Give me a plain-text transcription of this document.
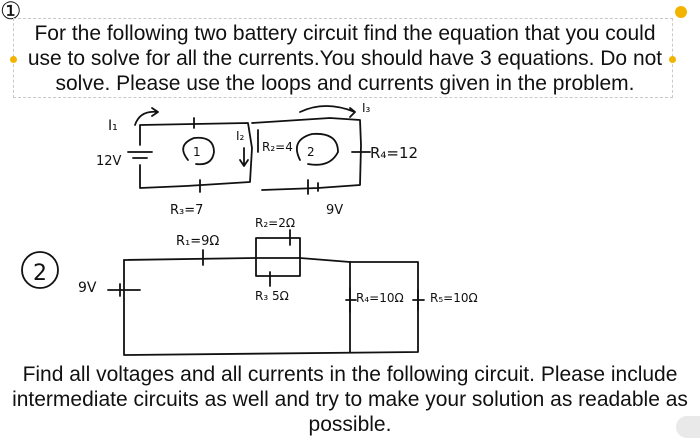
①
For the following two battery circuit find the equation that you could use to solve for all the currents.You should have 3 equations. Do not solve. Please use the loops and currents given in the problem.
I₁
12V
1
I₂
R₂=4 2
I₃
R₄=12
R₃=7	9V
2
9V
R₁=9Ω
R₂=2Ω
R₃ 5Ω	R₄=10Ω R₅=10Ω
Find all voltages and all currents in the following circuit. Please include intermediate circuits as well and try to make your solution as readable as possible.
